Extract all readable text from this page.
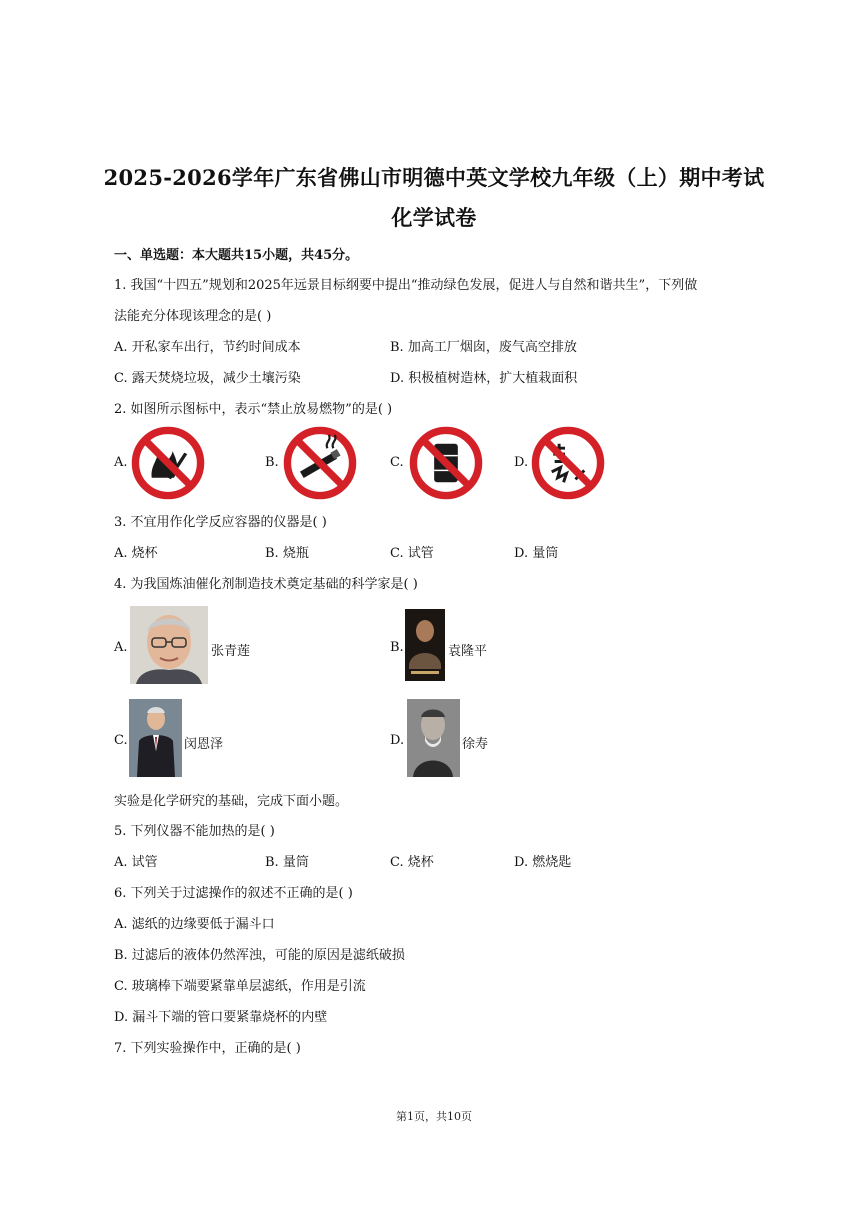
2025-2026学年广东省佛山市明德中英文学校九年级（上）期中考试
化学试卷
一、单选题：本大题共15小题，共45分。
1. 我国“十四五”规划和2025年远景目标纲要中提出“推动绿色发展，促进人与自然和谐共生”，下列做
法能充分体现该理念的是( )
A. 开私家车出行，节约时间成本	B. 加高工厂烟囱，废气高空排放
C. 露天焚烧垃圾，减少土壤污染	D. 积极植树造林，扩大植栽面积
2. 如图所示图标中，表示“禁止放易燃物”的是( )
A.	B.	C.	D.
3. 不宜用作化学反应容器的仪器是( )
A. 烧杯	B. 烧瓶	C. 试管	D. 量筒
4. 为我国炼油催化剂制造技术奠定基础的科学家是( )
A.	张青莲	B.	袁隆平
C.	闵恩泽	D.	徐寿
实验是化学研究的基础，完成下面小题。
5. 下列仪器不能加热的是( )
A. 试管	B. 量筒	C. 烧杯	D. 燃烧匙
6. 下列关于过滤操作的叙述不正确的是( )
A. 滤纸的边缘要低于漏斗口
B. 过滤后的液体仍然浑浊，可能的原因是滤纸破损
C. 玻璃棒下端要紧靠单层滤纸，作用是引流
D. 漏斗下端的管口要紧靠烧杯的内壁
7. 下列实验操作中，正确的是( )
第1页，共10页
